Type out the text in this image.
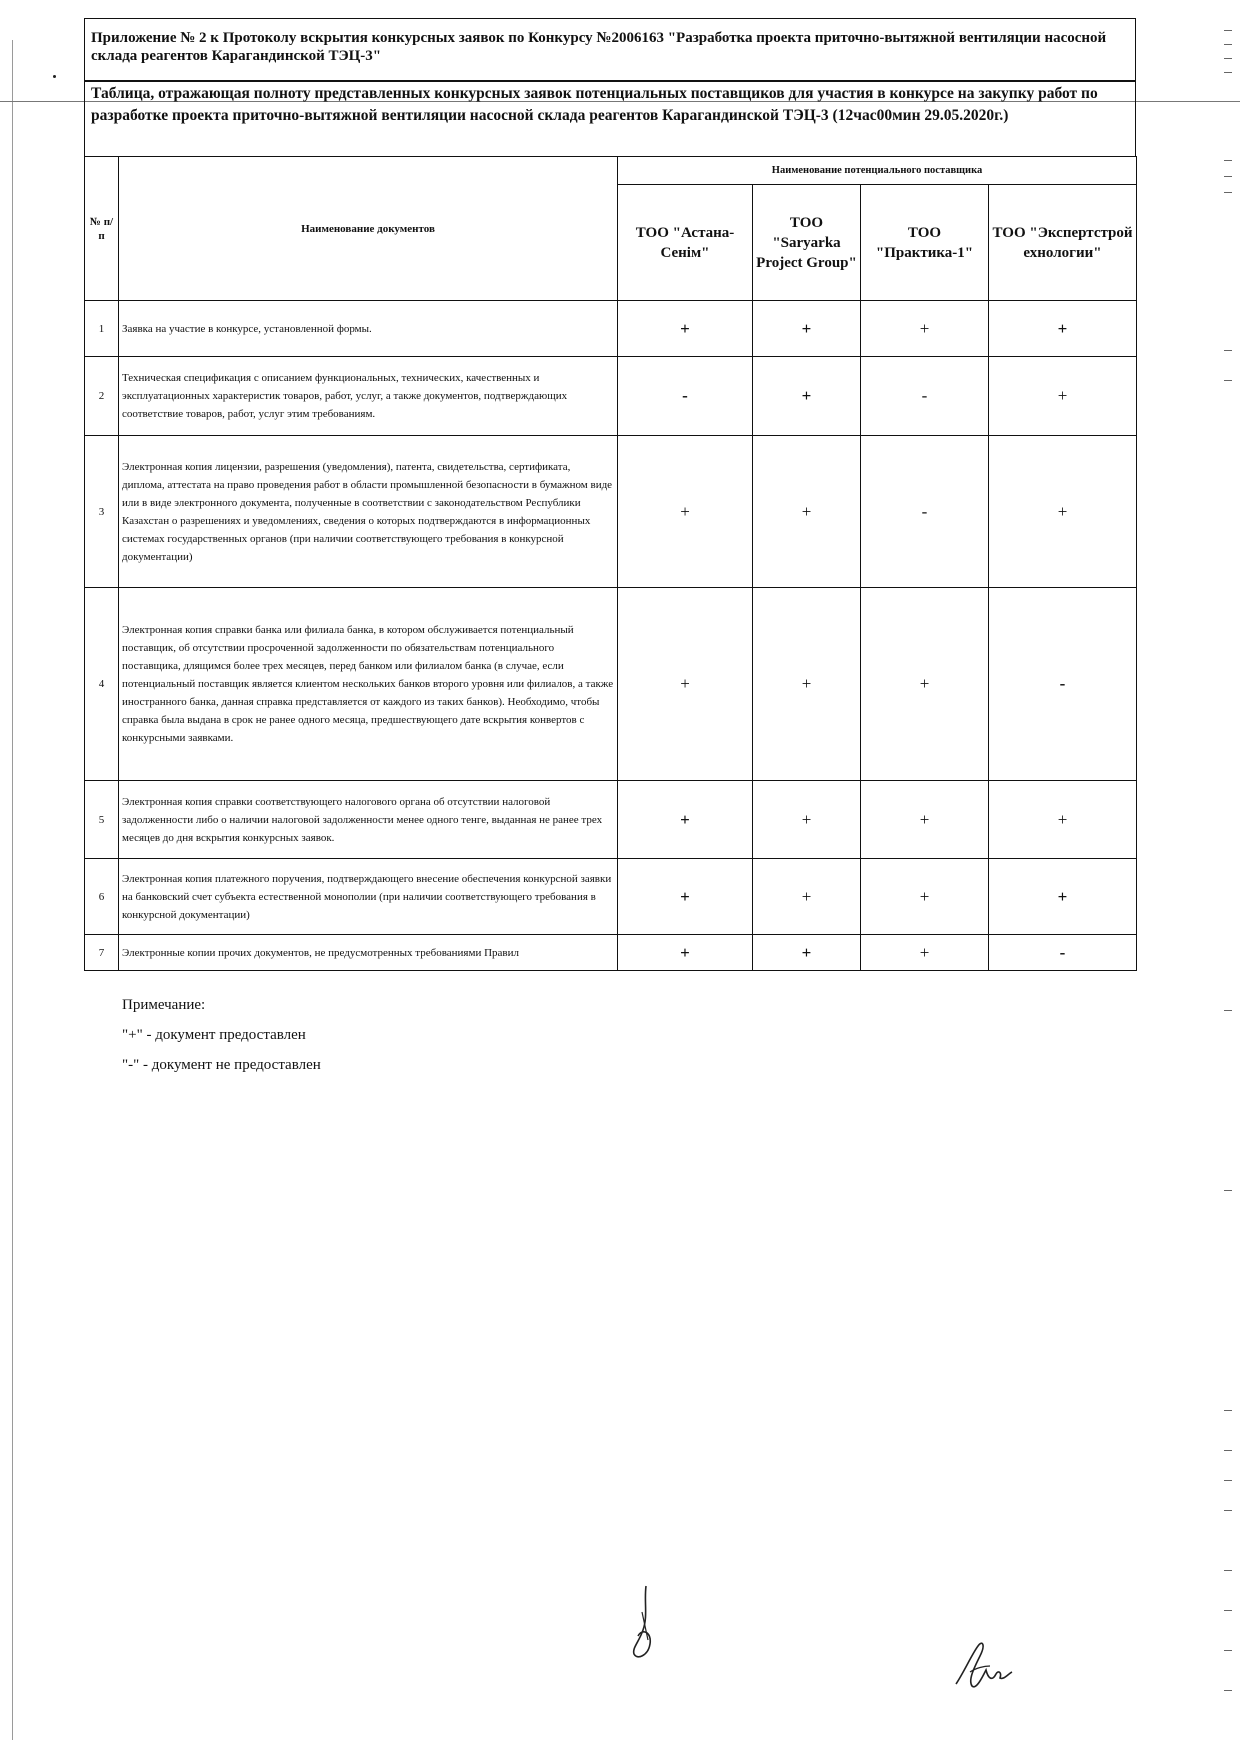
Приложение № 2 к Протоколу вскрытия конкурсных заявок по Конкурсу №2006163 "Разработка проекта приточно-вытяжной вентиляции насосной склада реагентов Карагандинской ТЭЦ-3"
Таблица, отражающая полноту представленных конкурсных заявок потенциальных поставщиков для участия в конкурсе на закупку работ по разработке проекта приточно-вытяжной вентиляции насосной склада реагентов Карагандинской ТЭЦ-3 (12час00мин 29.05.2020г.)
№ п/п	Наименование документов	Наименование потенциального поставщика			
		ТОО "Астана-Сенім"	ТОО "Saryarka Project Group"	ТОО "Практика-1"	ТОО "Экспертстрой ехнологии"
1	Заявка на участие в конкурсе, установленной формы.	+	+	+	+
2	Техническая спецификация с описанием функциональных, технических, качественных и эксплуатационных характеристик товаров, работ, услуг, а также документов, подтверждающих соответствие товаров, работ, услуг этим требованиям.	-	+	-	+
3	Электронная копия лицензии, разрешения (уведомления), патента, свидетельства, сертификата, диплома, аттестата на право проведения работ в области промышленной безопасности в бумажном виде или в виде электронного документа, полученные в соответствии с законодательством Республики Казахстан о разрешениях и уведомлениях, сведения о которых подтверждаются в информационных системах государственных органов (при наличии соответствующего требования в конкурсной документации)	+	+	-	+
4	Электронная копия справки банка или филиала банка, в котором обслуживается потенциальный поставщик, об отсутствии просроченной задолженности по обязательствам потенциального поставщика, длящимся более трех месяцев, перед банком или филиалом банка (в случае, если потенциальный поставщик является клиентом нескольких банков второго уровня или филиалов, а также иностранного банка, данная справка представляется от каждого из таких банков). Необходимо, чтобы справка была выдана в срок не ранее одного месяца, предшествующего дате вскрытия конвертов с конкурсными заявками.	+	+	+	-
5	Электронная копия справки соответствующего налогового органа об отсутствии налоговой задолженности либо о наличии налоговой задолженности менее одного тенге, выданная не ранее трех месяцев до дня вскрытия конкурсных заявок.	+	+	+	+
6	Электронная копия платежного поручения, подтверждающего внесение обеспечения конкурсной заявки на банковский счет субъекта естественной монополии (при наличии соответствующего требования в конкурсной документации)	+	+	+	+
7	Электронные копии прочих документов, не предусмотренных требованиями Правил	+	+	+	-
Примечание:
"+" - документ предоставлен
"-" - документ не предоставлен
